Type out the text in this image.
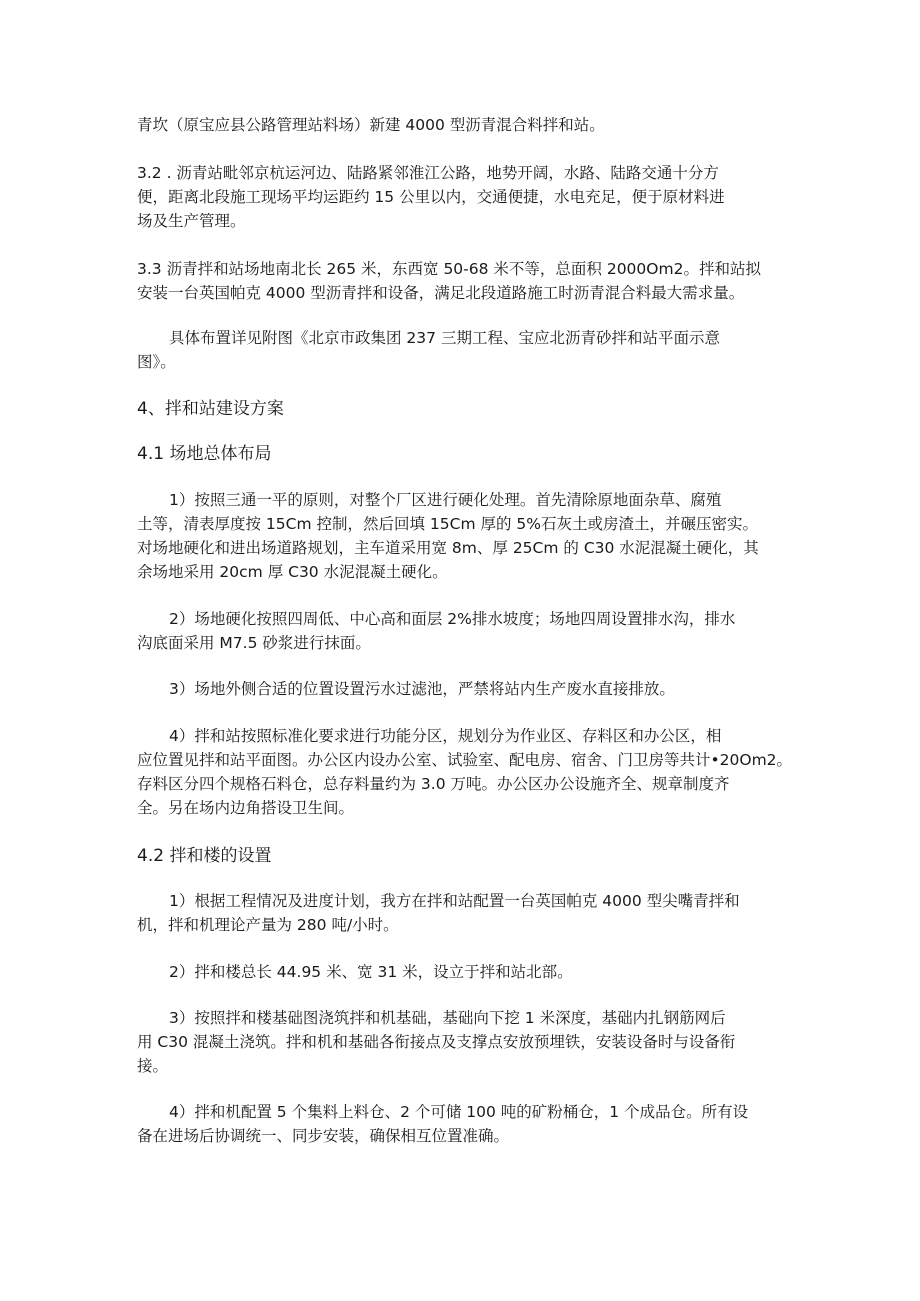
青坎（原宝应县公路管理站料场）新建 4000 型沥青混合料拌和站。
3.2 . 沥青站毗邻京杭运河边、陆路紧邻淮江公路，地势开阔，水路、陆路交通十分方
便，距离北段施工现场平均运距约 15 公里以内，交通便捷，水电充足，便于原材料进
场及生产管理。
3.3 沥青拌和站场地南北长 265 米，东西宽 50-68 米不等，总面积 2000Om2。拌和站拟
安装一台英国帕克 4000 型沥青拌和设备，满足北段道路施工时沥青混合料最大需求量。
具体布置详见附图《北京市政集团 237 三期工程、宝应北沥青砂拌和站平面示意
图》。
4、拌和站建设方案
4.1 场地总体布局
1）按照三通一平的原则，对整个厂区进行硬化处理。首先清除原地面杂草、腐殖
土等，清表厚度按 15Cm 控制，然后回填 15Cm 厚的 5%石灰土或房渣土，并碾压密实。
对场地硬化和进出场道路规划，主车道采用宽 8m、厚 25Cm 的 C30 水泥混凝土硬化，其
余场地采用 20cm 厚 C30 水泥混凝土硬化。
2）场地硬化按照四周低、中心高和面层 2%排水坡度；场地四周设置排水沟，排水
沟底面采用 M7.5 砂浆进行抹面。
3）场地外侧合适的位置设置污水过滤池，严禁将站内生产废水直接排放。
4）拌和站按照标准化要求进行功能分区，规划分为作业区、存料区和办公区，相
应位置见拌和站平面图。办公区内设办公室、试验室、配电房、宿舍、门卫房等共计•20Om2。
存料区分四个规格石料仓，总存料量约为 3.0 万吨。办公区办公设施齐全、规章制度齐
全。另在场内边角搭设卫生间。
4.2 拌和楼的设置
1）根据工程情况及进度计划，我方在拌和站配置一台英国帕克 4000 型尖嘴青拌和
机，拌和机理论产量为 280 吨/小时。
2）拌和楼总长 44.95 米、宽 31 米，设立于拌和站北部。
3）按照拌和楼基础图浇筑拌和机基础，基础向下挖 1 米深度，基础内扎钢筋网后
用 C30 混凝土浇筑。拌和机和基础各衔接点及支撑点安放预埋铁，安装设备时与设备衔
接。
4）拌和机配置 5 个集料上料仓、2 个可储 100 吨的矿粉桶仓，1 个成品仓。所有设
备在进场后协调统一、同步安装，确保相互位置准确。
